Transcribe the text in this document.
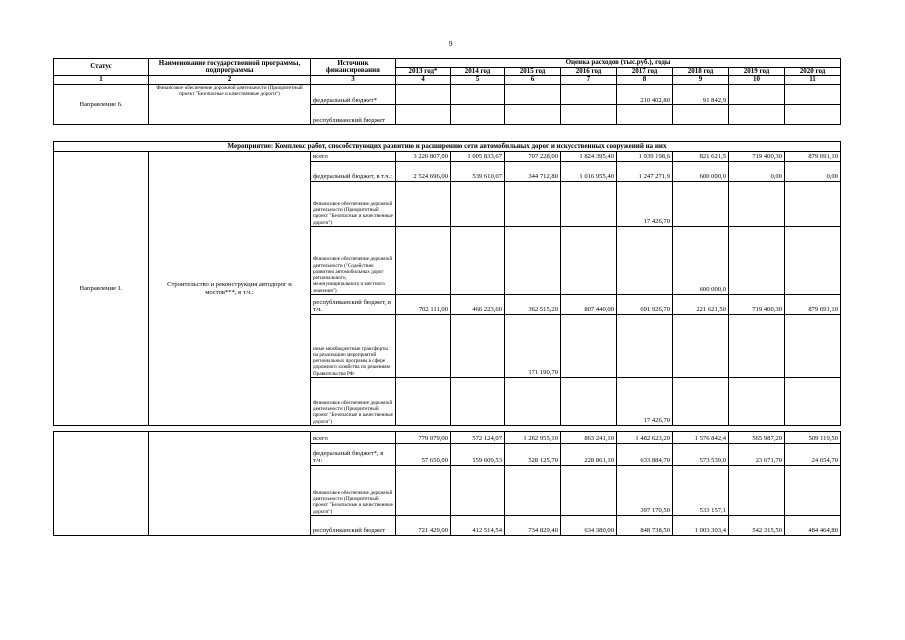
9
Статус	Наименование государственной программы, подпрограммы	Источник финансирования	Оценка расходов (тыс.руб.), годы							
			2013 год*	2014 год	2015 год	2016 год	2017 год	2018 год	2019 год	2020 год
1	2	3	4	5	6	7	8	9	10	11
Направление 6.	Финансовое обеспечение дорожной деятельности (Приоритетный проект "Безопасные и качественные дороги")	федеральный бюджет*					210 402,80	91 842,9		
		республиканский бюджет								
Мероприятие: Комплекс работ, способствующих развитию и расширению сети автомобильных дорог и искусственных сооружений на них										
Направление 1.	Строительство и реконструкция автодорог и мостов***, в т.ч.:	всего	3 226 807,00	1 005 833,67	707 228,00	1 824 395,40	1 939 198,6	821 621,5	719 400,30	879 691,10
		федеральный бюджет, в т.ч.:	2 524 696,00	539 610,07	344 712,80	1 016 955,40	1 247 271,9	600 000,0	0,00	0,00
		Финансовое обеспечение дорожной деятельности (Приоритетный проект "Безопасные и качественные дороги")					17 426,70			
		Финансовое обеспечение дорожной деятельности ("Содействие развитию автомобильных дорог регионального, межмуниципального и местного значения")						600 000,0		
		республиканский бюджет, в т.ч.	702 111,00	466 223,60	362 515,20	807 440,00	691 926,70	221 621,50	719 400,30	879 691,10
		иные межбюджетные трансферты на реализацию мероприятий региональных программ в сфере дорожного хозяйства по решениям Правительства РФ			171 190,70					
		Финансовое обеспечение дорожной деятельности (Приоритетный проект "Безопасные и качественные дороги")					17 426,70			
		всего	779 079,00	572 124,07	1 262 955,10	863 241,10	1 482 623,20	1 576 842,4	565 987,20	509 119,50
		федеральный бюджет*, в т.ч:	57 650,00	159 609,53	528 125,70	228 861,10	633 884,70	573 539,0	23 671,70	24 654,70
		Финансовое обеспечение дорожной деятельности (Приоритетный проект "Безопасные и качественные дороги")					397 170,50	533 157,1		
		республиканский бюджет	721 429,00	412 514,54	734 829,40	634 380,00	848 738,50	1 003 303,4	542 315,50	484 464,80
